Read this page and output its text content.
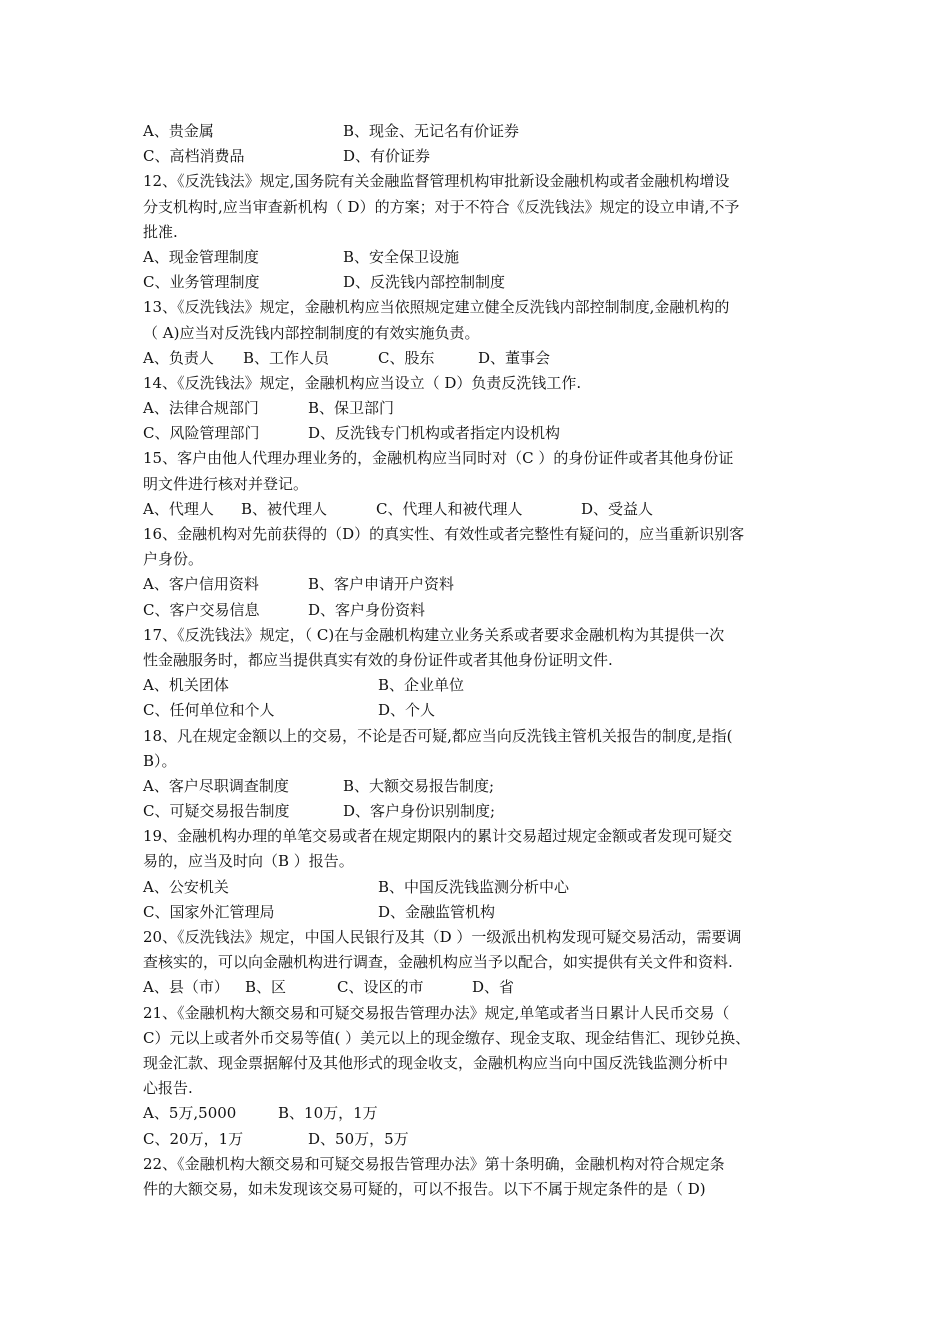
A、贵金属	B、现金、无记名有价证券
C、高档消费品	D、有价证券
12、《反洗钱法》规定,国务院有关金融监督管理机构审批新设金融机构或者金融机构增设
分支机构时,应当审查新机构（ D）的方案；对于不符合《反洗钱法》规定的设立申请,不予
批准.
A、现金管理制度	B、安全保卫设施
C、业务管理制度	D、反洗钱内部控制制度
13、《反洗钱法》规定，金融机构应当依照规定建立健全反洗钱内部控制制度,金融机构的
（ A)应当对反洗钱内部控制制度的有效实施负责。
A、负责人 B、工作人员	C、股东	D、董事会
14、《反洗钱法》规定，金融机构应当设立（ D）负责反洗钱工作.
A、法律合规部门	B、保卫部门
C、风险管理部门	D、反洗钱专门机构或者指定内设机构
15、客户由他人代理办理业务的，金融机构应当同时对（C ）的身份证件或者其他身份证
明文件进行核对并登记。
A、代理人 B、被代理人	C、代理人和被代理人	D、受益人
16、金融机构对先前获得的（D）的真实性、有效性或者完整性有疑问的，应当重新识别客
户身份。
A、客户信用资料	B、客户申请开户资料
C、客户交易信息	D、客户身份资料
17、《反洗钱法》规定，（ C)在与金融机构建立业务关系或者要求金融机构为其提供一次
性金融服务时，都应当提供真实有效的身份证件或者其他身份证明文件.
A、机关团体	B、企业单位
C、任何单位和个人	D、个人
18、凡在规定金额以上的交易，不论是否可疑,都应当向反洗钱主管机关报告的制度,是指(
B）。
A、客户尽职调查制度	B、大额交易报告制度;
C、可疑交易报告制度	D、客户身份识别制度;
19、金融机构办理的单笔交易或者在规定期限内的累计交易超过规定金额或者发现可疑交
易的，应当及时向（B ）报告。
A、公安机关	B、中国反洗钱监测分析中心
C、国家外汇管理局	D、金融监管机构
20、《反洗钱法》规定，中国人民银行及其（D ）一级派出机构发现可疑交易活动，需要调
查核实的，可以向金融机构进行调查，金融机构应当予以配合，如实提供有关文件和资料.
A、县（市） B、区	C、设区的市	D、省
21、《金融机构大额交易和可疑交易报告管理办法》规定,单笔或者当日累计人民币交易（
C）元以上或者外币交易等值( ）美元以上的现金缴存、现金支取、现金结售汇、现钞兑换、
现金汇款、现金票据解付及其他形式的现金收支，金融机构应当向中国反洗钱监测分析中
心报告.
A、5万,5000	B、10万，1万
C、20万，1万	D、50万，5万
22、《金融机构大额交易和可疑交易报告管理办法》第十条明确，金融机构对符合规定条
件的大额交易，如未发现该交易可疑的，可以不报告。以下不属于规定条件的是（ D)
